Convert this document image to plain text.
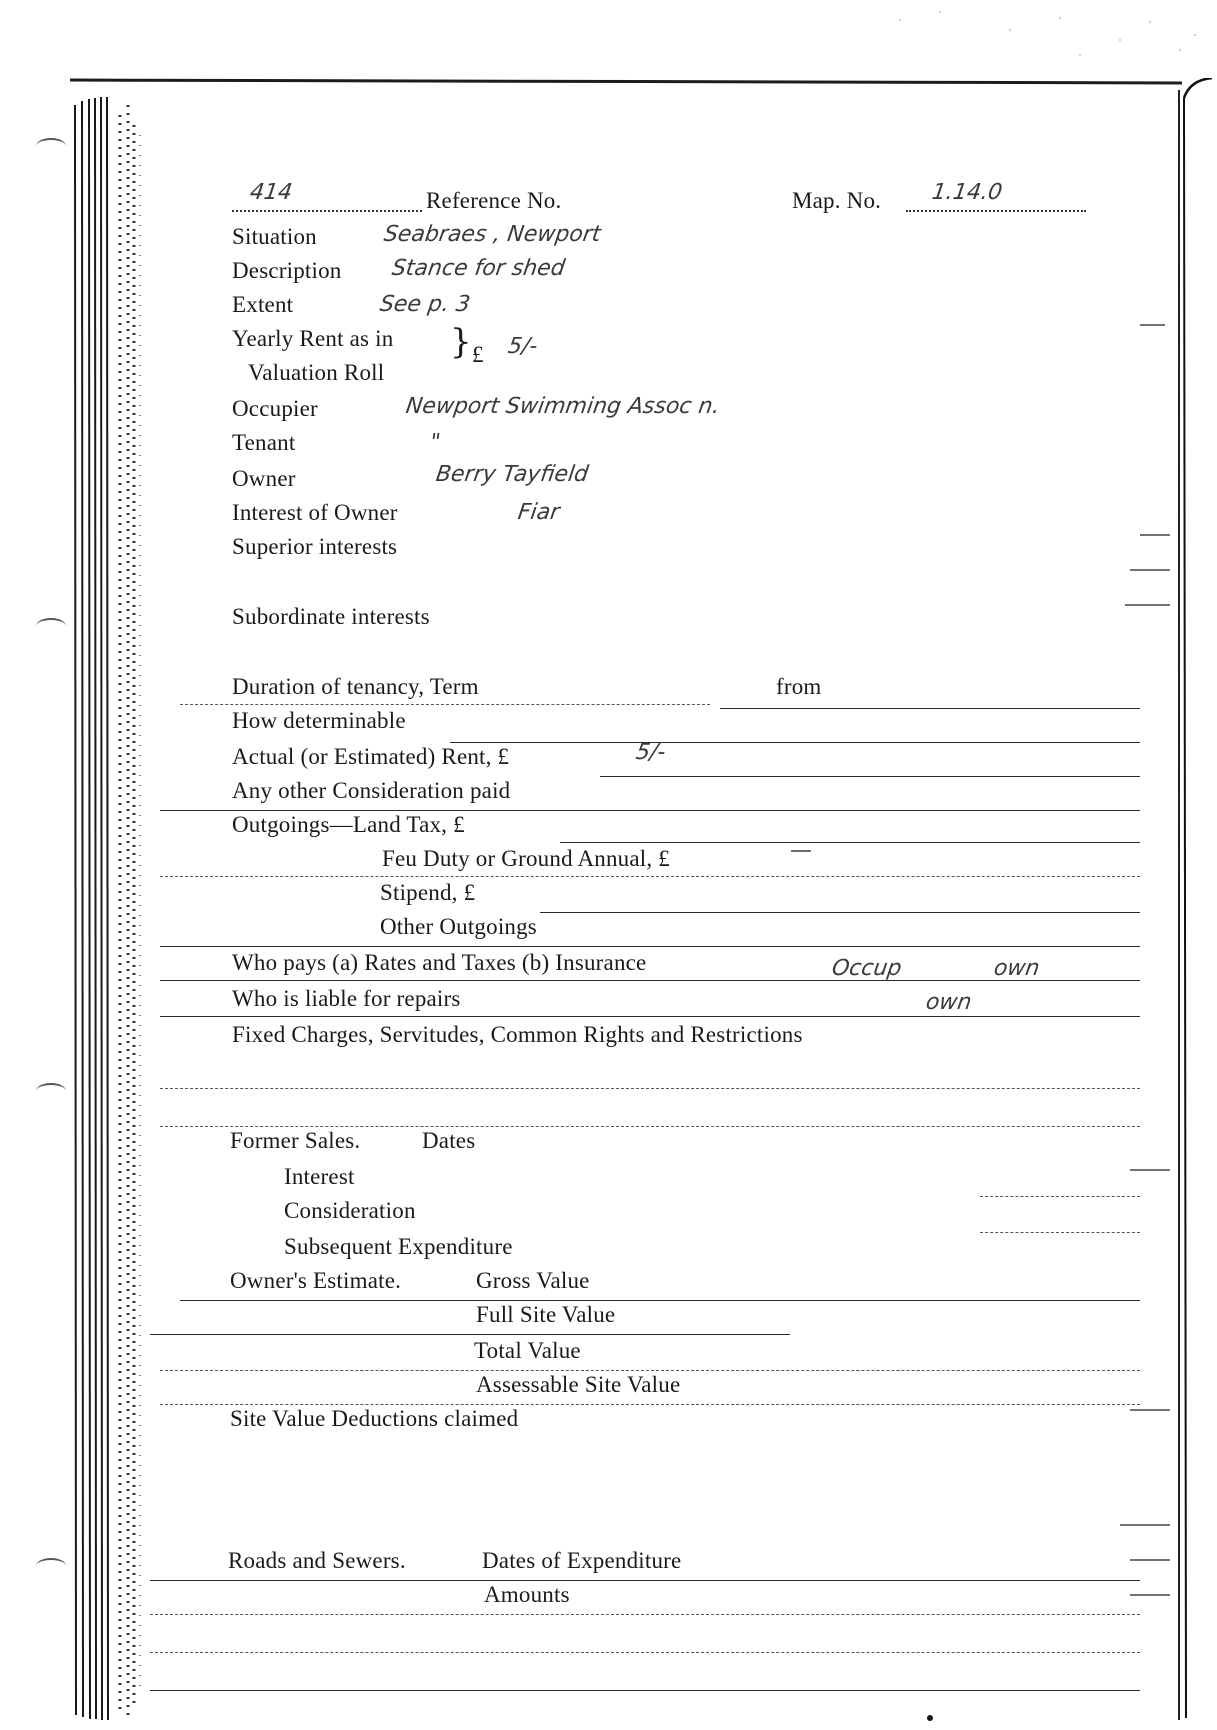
414	Reference No.	Map. No. 1.14.0
Situation	Seabraes , Newport
Description Stance for shed
Extent	See p. 3
Yearly Rent as in
Valuation Roll
} £ 5/-
Occupier	Newport Swimming Assoc n.
Tenant	"
Owner	Berry Tayfield
Interest of Owner	Fiar
Superior interests
Subordinate interests
Duration of tenancy, Term	from
How determinable
Actual (or Estimated) Rent, £	5/-
Any other Consideration paid
Outgoings—Land Tax, £
Feu Duty or Ground Annual, £	—
Stipend, £
Other Outgoings
Who pays (a) Rates and Taxes (b) Insurance	Occup	own
Who is liable for repairs	own
Fixed Charges, Servitudes, Common Rights and Restrictions
Former Sales.	Dates
Interest
Consideration
Subsequent Expenditure
Owner's Estimate.	Gross Value
Full Site Value
Total Value
Assessable Site Value
Site Value Deductions claimed
Roads and Sewers.	Dates of Expenditure
Amounts
